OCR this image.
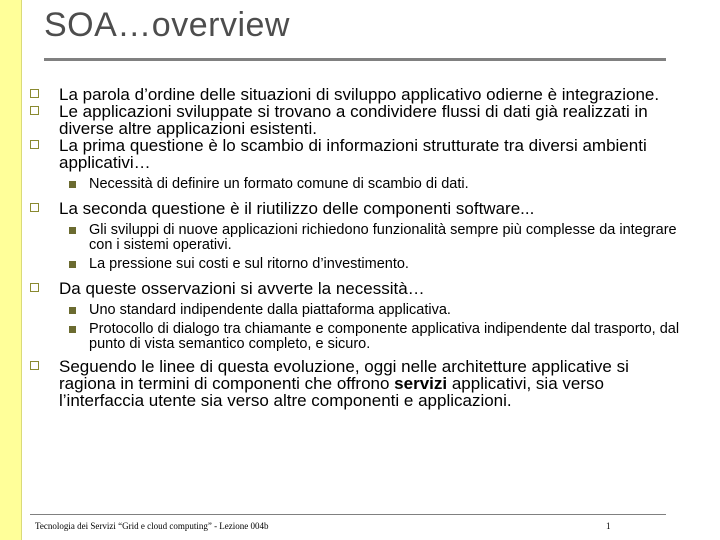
SOA…overview
La parola d’ordine delle situazioni di sviluppo applicativo odierne è integrazione.
Le applicazioni sviluppate si trovano a condividere flussi di dati già realizzati in diverse altre applicazioni esistenti.
La prima questione è lo scambio di informazioni strutturate tra diversi ambienti applicativi…
Necessità di definire un formato comune di scambio di dati.
La seconda questione è il riutilizzo delle componenti software...
Gli sviluppi di nuove applicazioni richiedono funzionalità sempre più complesse da integrare con i sistemi operativi.
La pressione sui costi e sul ritorno d’investimento.
Da queste osservazioni si avverte la necessità…
Uno standard indipendente dalla piattaforma applicativa.
Protocollo di dialogo tra chiamante e componente applicativa indipendente dal trasporto, dal punto di vista semantico completo, e sicuro.
Seguendo le linee di questa evoluzione, oggi nelle architetture applicative si ragiona in termini di componenti che offrono servizi applicativi, sia verso l’interfaccia utente sia verso altre componenti e applicazioni.
Tecnologia dei Servizi “Grid e cloud computing” - Lezione 004b	1
